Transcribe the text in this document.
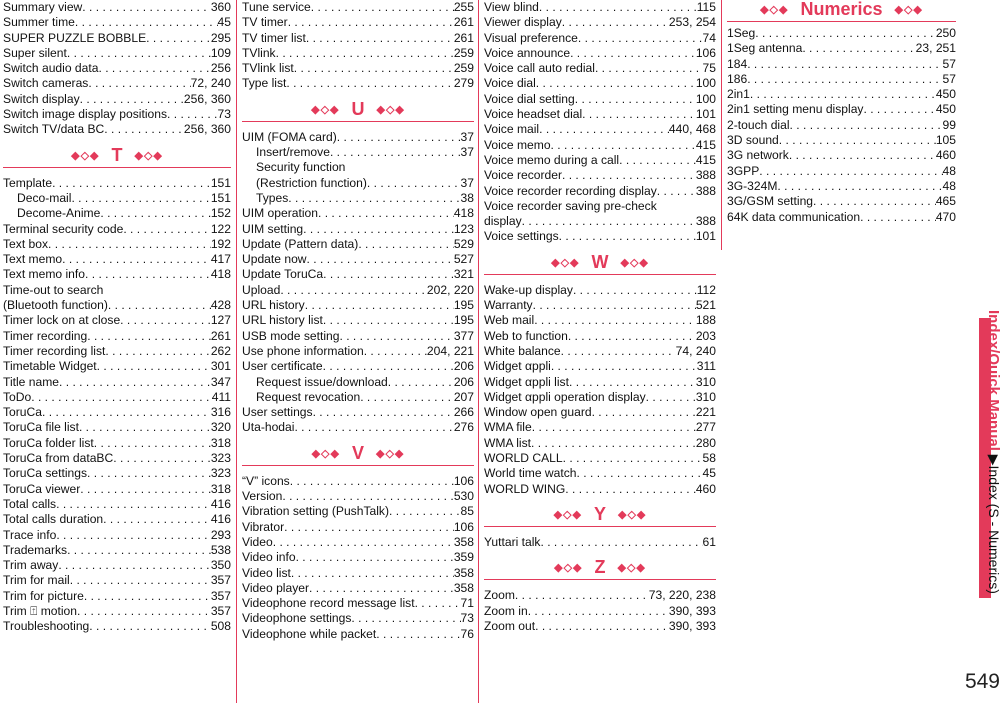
Summary view . . .	360
Summer time . . .	45
SUPER PUZZLE BOBBLE . . .	295
Super silent . . .	109
Switch audio data . . .	256
Switch cameras . . .	72, 240
Switch display . . .	256, 360
Switch image display positions . . .	73
Switch TV/data BC . . .	256, 360
◆◇◆ T ◆◇◆
Template . . .	151
Deco-mail . . .	151
Decome-Anime . . .	152
Terminal security code . . .	122
Text box . . .	192
Text memo . . .	417
Text memo info . . .	418
Time-out to search
(Bluetooth function) . . .	428
Timer lock on at close . . .	127
Timer recording . . .	261
Timer recording list . . .	262
Timetable Widget . . .	301
Title name . . .	347
ToDo . . .	411
ToruCa . . .	316
ToruCa file list . . .	320
ToruCa folder list . . .	318
ToruCa from dataBC . . .	323
ToruCa settings . . .	323
ToruCa viewer . . .	318
Total calls . . .	416
Total calls duration . . .	416
Trace info . . .	293
Trademarks . . .	538
Trim away . . .	350
Trim for mail . . .	357
Trim for picture . . .	357
Trim ⍐ motion . . .	357
Troubleshooting . . .	508
Tune service . . .	255
TV timer . . .	261
TV timer list . . .	261
TVlink . . .	259
TVlink list . . .	259
Type list . . .	279
◆◇◆ U ◆◇◆
UIM (FOMA card) . . .	37
Insert/remove . . .	37
Security function
(Restriction function) . . .	37
Types . . .	38
UIM operation . . .	418
UIM setting . . .	123
Update (Pattern data) . . .	529
Update now . . .	527
Update ToruCa . . .	321
Upload . . .	202, 220
URL history . . .	195
URL history list . . .	195
USB mode setting . . .	377
Use phone information . . .	204, 221
User certificate . . .	206
Request issue/download . . .	206
Request revocation . . .	207
User settings . . .	266
Uta-hodai . . .	276
◆◇◆ V ◆◇◆
“V” icons . . .	106
Version . . .	530
Vibration setting (PushTalk) . . .	85
Vibrator . . .	106
Video . . .	358
Video info . . .	359
Video list . . .	358
Video player . . .	358
Videophone record message list . . .	71
Videophone settings . . .	73
Videophone while packet . . .	76
View blind . . .	115
Viewer display . . .	253, 254
Visual preference . . .	74
Voice announce . . .	106
Voice call auto redial . . .	75
Voice dial . . .	100
Voice dial setting . . .	100
Voice headset dial . . .	101
Voice mail . . .	440, 468
Voice memo . . .	415
Voice memo during a call . . .	415
Voice recorder . . .	388
Voice recorder recording display . . .	388
Voice recorder saving pre-check
display . . .	388
Voice settings . . .	101
◆◇◆ W ◆◇◆
Wake-up display . . .	112
Warranty . . .	521
Web mail . . .	188
Web to function . . .	203
White balance . . .	74, 240
Widget αppli . . .	311
Widget αppli list . . .	310
Widget αppli operation display . . .	310
Window open guard . . .	221
WMA file . . .	277
WMA list . . .	280
WORLD CALL . . .	58
World time watch . . .	45
WORLD WING . . .	460
◆◇◆ Y ◆◇◆
Yuttari talk . . .	61
◆◇◆ Z ◆◇◆
Zoom . . .	73, 220, 238
Zoom in . . .	390, 393
Zoom out . . .	390, 393
◆◇◆ Numerics ◆◇◆
1Seg . . .	250
1Seg antenna . . .	23, 251
184 . . .	57
186 . . .	57
2in1 . . .	450
2in1 setting menu display . . .	450
2-touch dial . . .	99
3D sound . . .	105
3G network . . .	460
3GPP . . .	48
3G-324M . . .	48
3G/GSM setting . . .	465
64K data communication . . .	470
Index/Quick Manual ▶Index (S - Numerics)
549
